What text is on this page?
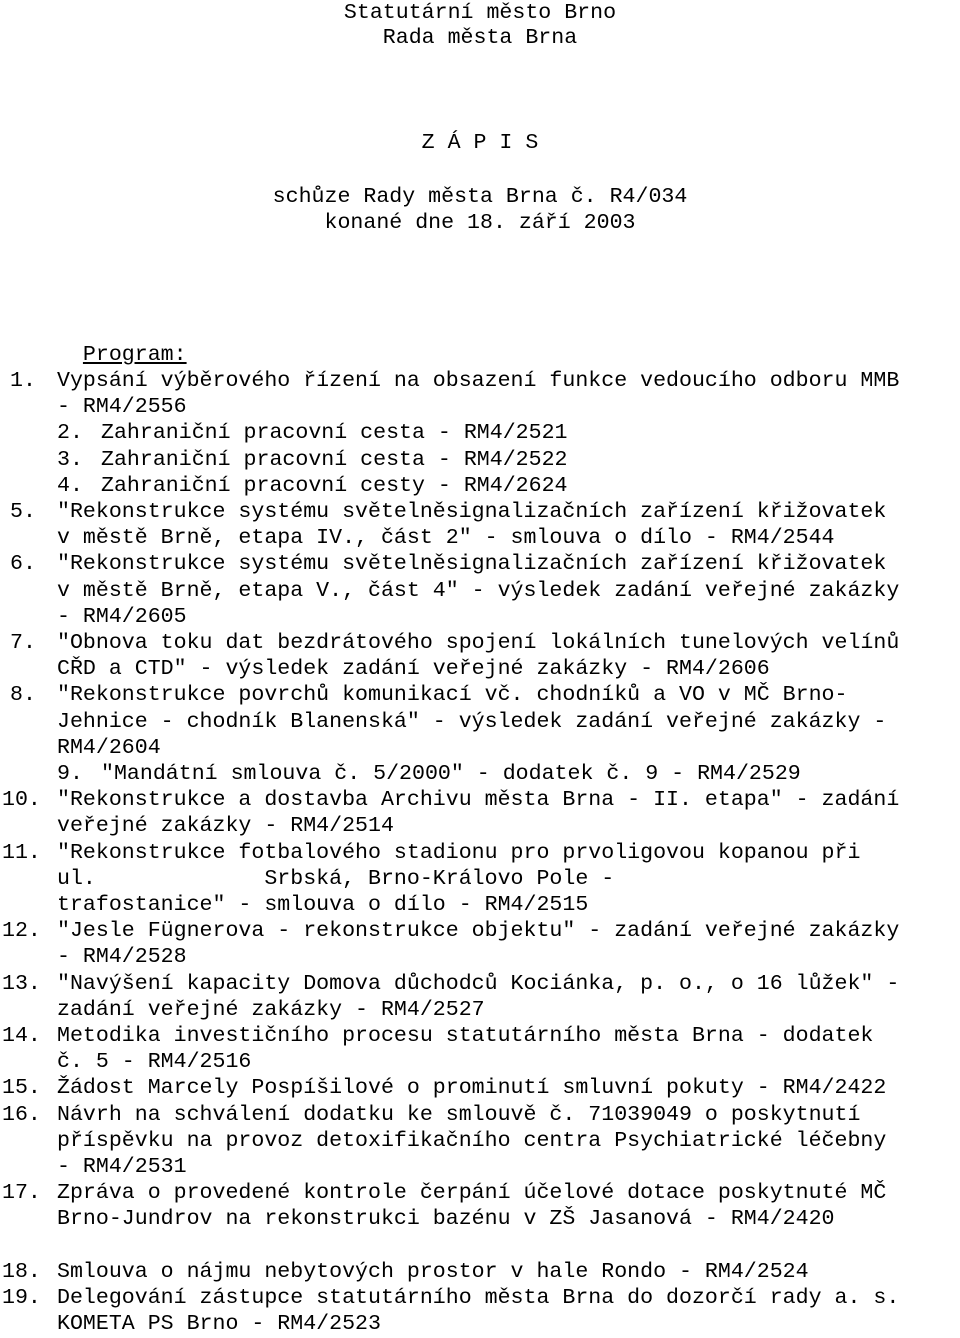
Statutární město Brno
Rada města Brna
Z Á P I S
schůze Rady města Brna č. R4/034
konané dne 18. září 2003

Program:

1. Vypsání výběrového řízení na obsazení funkce vedoucího odboru MMB
- RM4/2556
2. Zahraniční pracovní cesta - RM4/2521
3. Zahraniční pracovní cesta - RM4/2522
4. Zahraniční pracovní cesty - RM4/2624
5. "Rekonstrukce systému světelněsignalizačních zařízení křižovatek
v městě Brně, etapa IV., část 2" - smlouva o dílo - RM4/2544
6. "Rekonstrukce systému světelněsignalizačních zařízení křižovatek
v městě Brně, etapa V., část 4" - výsledek zadání veřejné zakázky
- RM4/2605
7. "Obnova toku dat bezdrátového spojení lokálních tunelových velínů
CŘD a CTD" - výsledek zadání veřejné zakázky - RM4/2606
8. "Rekonstrukce povrchů komunikací vč. chodníků a VO v MČ Brno-
Jehnice - chodník Blanenská" - výsledek zadání veřejné zakázky -
RM4/2604
9. "Mandátní smlouva č. 5/2000" - dodatek č. 9 - RM4/2529
10. "Rekonstrukce a dostavba Archivu města Brna - II. etapa" - zadání
veřejné zakázky - RM4/2514
11. "Rekonstrukce fotbalového stadionu pro prvoligovou kopanou při
ul.             Srbská, Brno-Královo Pole -
trafostanice" - smlouva o dílo - RM4/2515
12. "Jesle Fügnerova - rekonstrukce objektu" - zadání veřejné zakázky
- RM4/2528
13. "Navýšení kapacity Domova důchodců Kociánka, p. o., o 16 lůžek" -
zadání veřejné zakázky - RM4/2527
14. Metodika investičního procesu statutárního města Brna - dodatek
č. 5 - RM4/2516
15. Žádost Marcely Pospíšilové o prominutí smluvní pokuty - RM4/2422
16. Návrh na schválení dodatku ke smlouvě č. 71039049 o poskytnutí
příspěvku na provoz detoxifikačního centra Psychiatrické léčebny
- RM4/2531
17. Zpráva o provedené kontrole čerpání účelové dotace poskytnuté MČ
Brno-Jundrov na rekonstrukci bazénu v ZŠ Jasanová - RM4/2420
18. Smlouva o nájmu nebytových prostor v hale Rondo - RM4/2524
19. Delegování zástupce statutárního města Brna do dozorčí rady a. s.
KOMETA PS Brno - RM4/2523
